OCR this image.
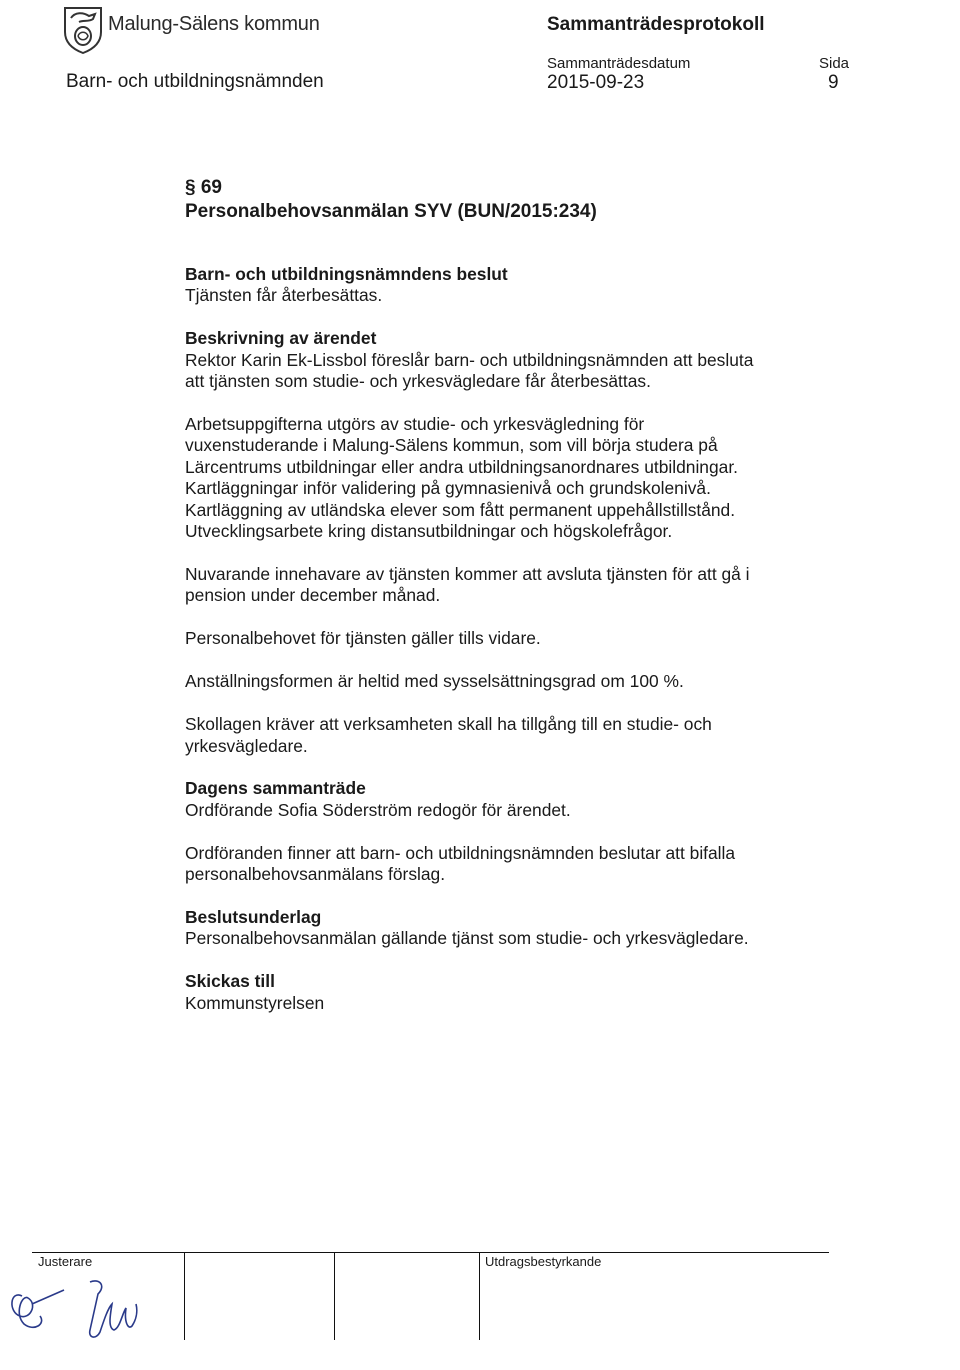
Malung-Sälens kommun	Sammanträdesprotokoll
Barn- och utbildningsnämnden
Sammanträdesdatum
2015-09-23
Sida
9
§ 69
Personalbehovsanmälan SYV (BUN/2015:234)

Barn- och utbildningsnämndens beslut

Tjänsten får återbesättas.

Beskrivning av ärendet

Rektor Karin Ek-Lissbol föreslår barn- och utbildningsnämnden att besluta

att tjänsten som studie- och yrkesvägledare får återbesättas.

Arbetsuppgifterna utgörs av studie- och yrkesvägledning för

vuxenstuderande i Malung-Sälens kommun, som vill börja studera på

Lärcentrums utbildningar eller andra utbildningsanordnares utbildningar.

Kartläggningar inför validering på gymnasienivå och grundskolenivå.

Kartläggning av utländska elever som fått permanent uppehållstillstånd.

Utvecklingsarbete kring distansutbildningar och högskolefrågor.

Nuvarande innehavare av tjänsten kommer att avsluta tjänsten för att gå i

pension under december månad.

Personalbehovet för tjänsten gäller tills vidare.

Anställningsformen är heltid med sysselsättningsgrad om 100 %.

Skollagen kräver att verksamheten skall ha tillgång till en studie- och

yrkesvägledare.

Dagens sammanträde

Ordförande Sofia Söderström redogör för ärendet.

Ordföranden finner att barn- och utbildningsnämnden beslutar att bifalla

personalbehovsanmälans förslag.

Beslutsunderlag

Personalbehovsanmälan gällande tjänst som studie- och yrkesvägledare.

Skickas till

Kommunstyrelsen

Justerare	Utdragsbestyrkande
